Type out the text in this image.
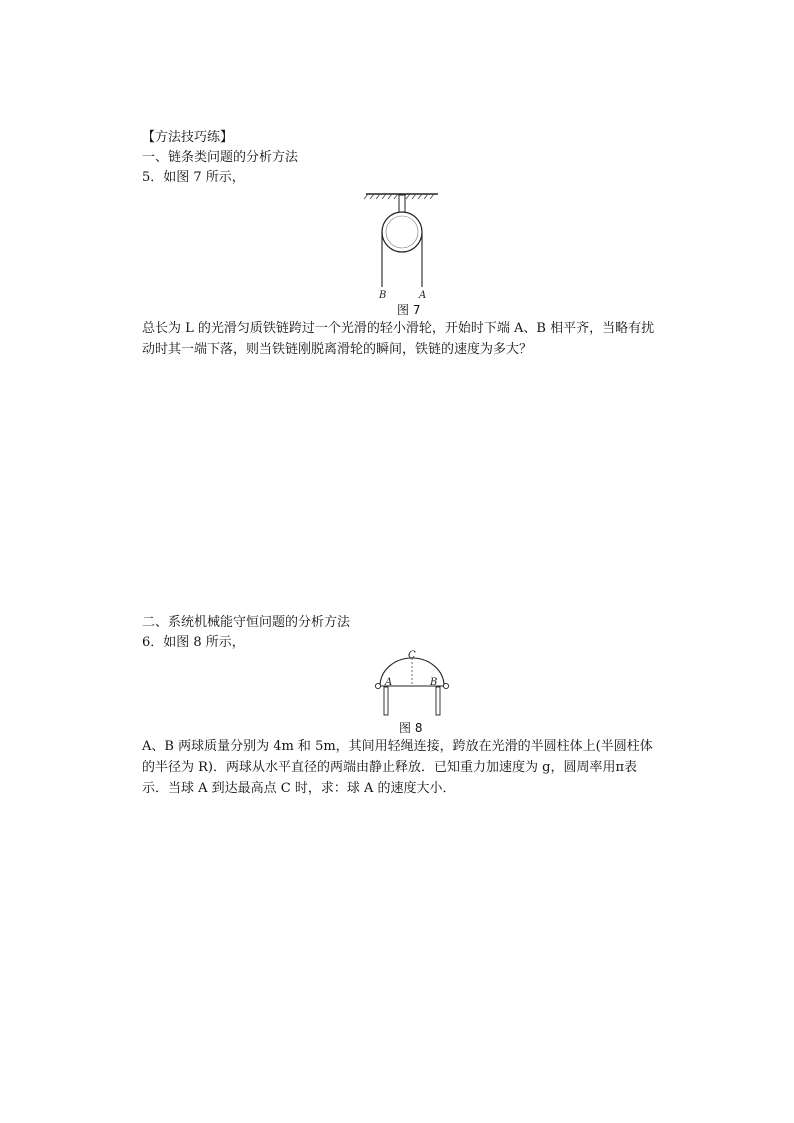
【方法技巧练】
一、链条类问题的分析方法
5．如图 7 所示，
B	A
图 7
总长为 L 的光滑匀质铁链跨过一个光滑的轻小滑轮，开始时下端 A、B 相平齐，当略有扰动时其一端下落，则当铁链刚脱离滑轮的瞬间，铁链的速度为多大？
二、系统机械能守恒问题的分析方法
6．如图 8 所示，
C
A	B
图 8
A、B 两球质量分别为 4m 和 5m，其间用轻绳连接，跨放在光滑的半圆柱体上(半圆柱体的半径为 R)．两球从水平直径的两端由静止释放．已知重力加速度为 g，圆周率用π表示．当球 A 到达最高点 C 时，求：球 A 的速度大小．
